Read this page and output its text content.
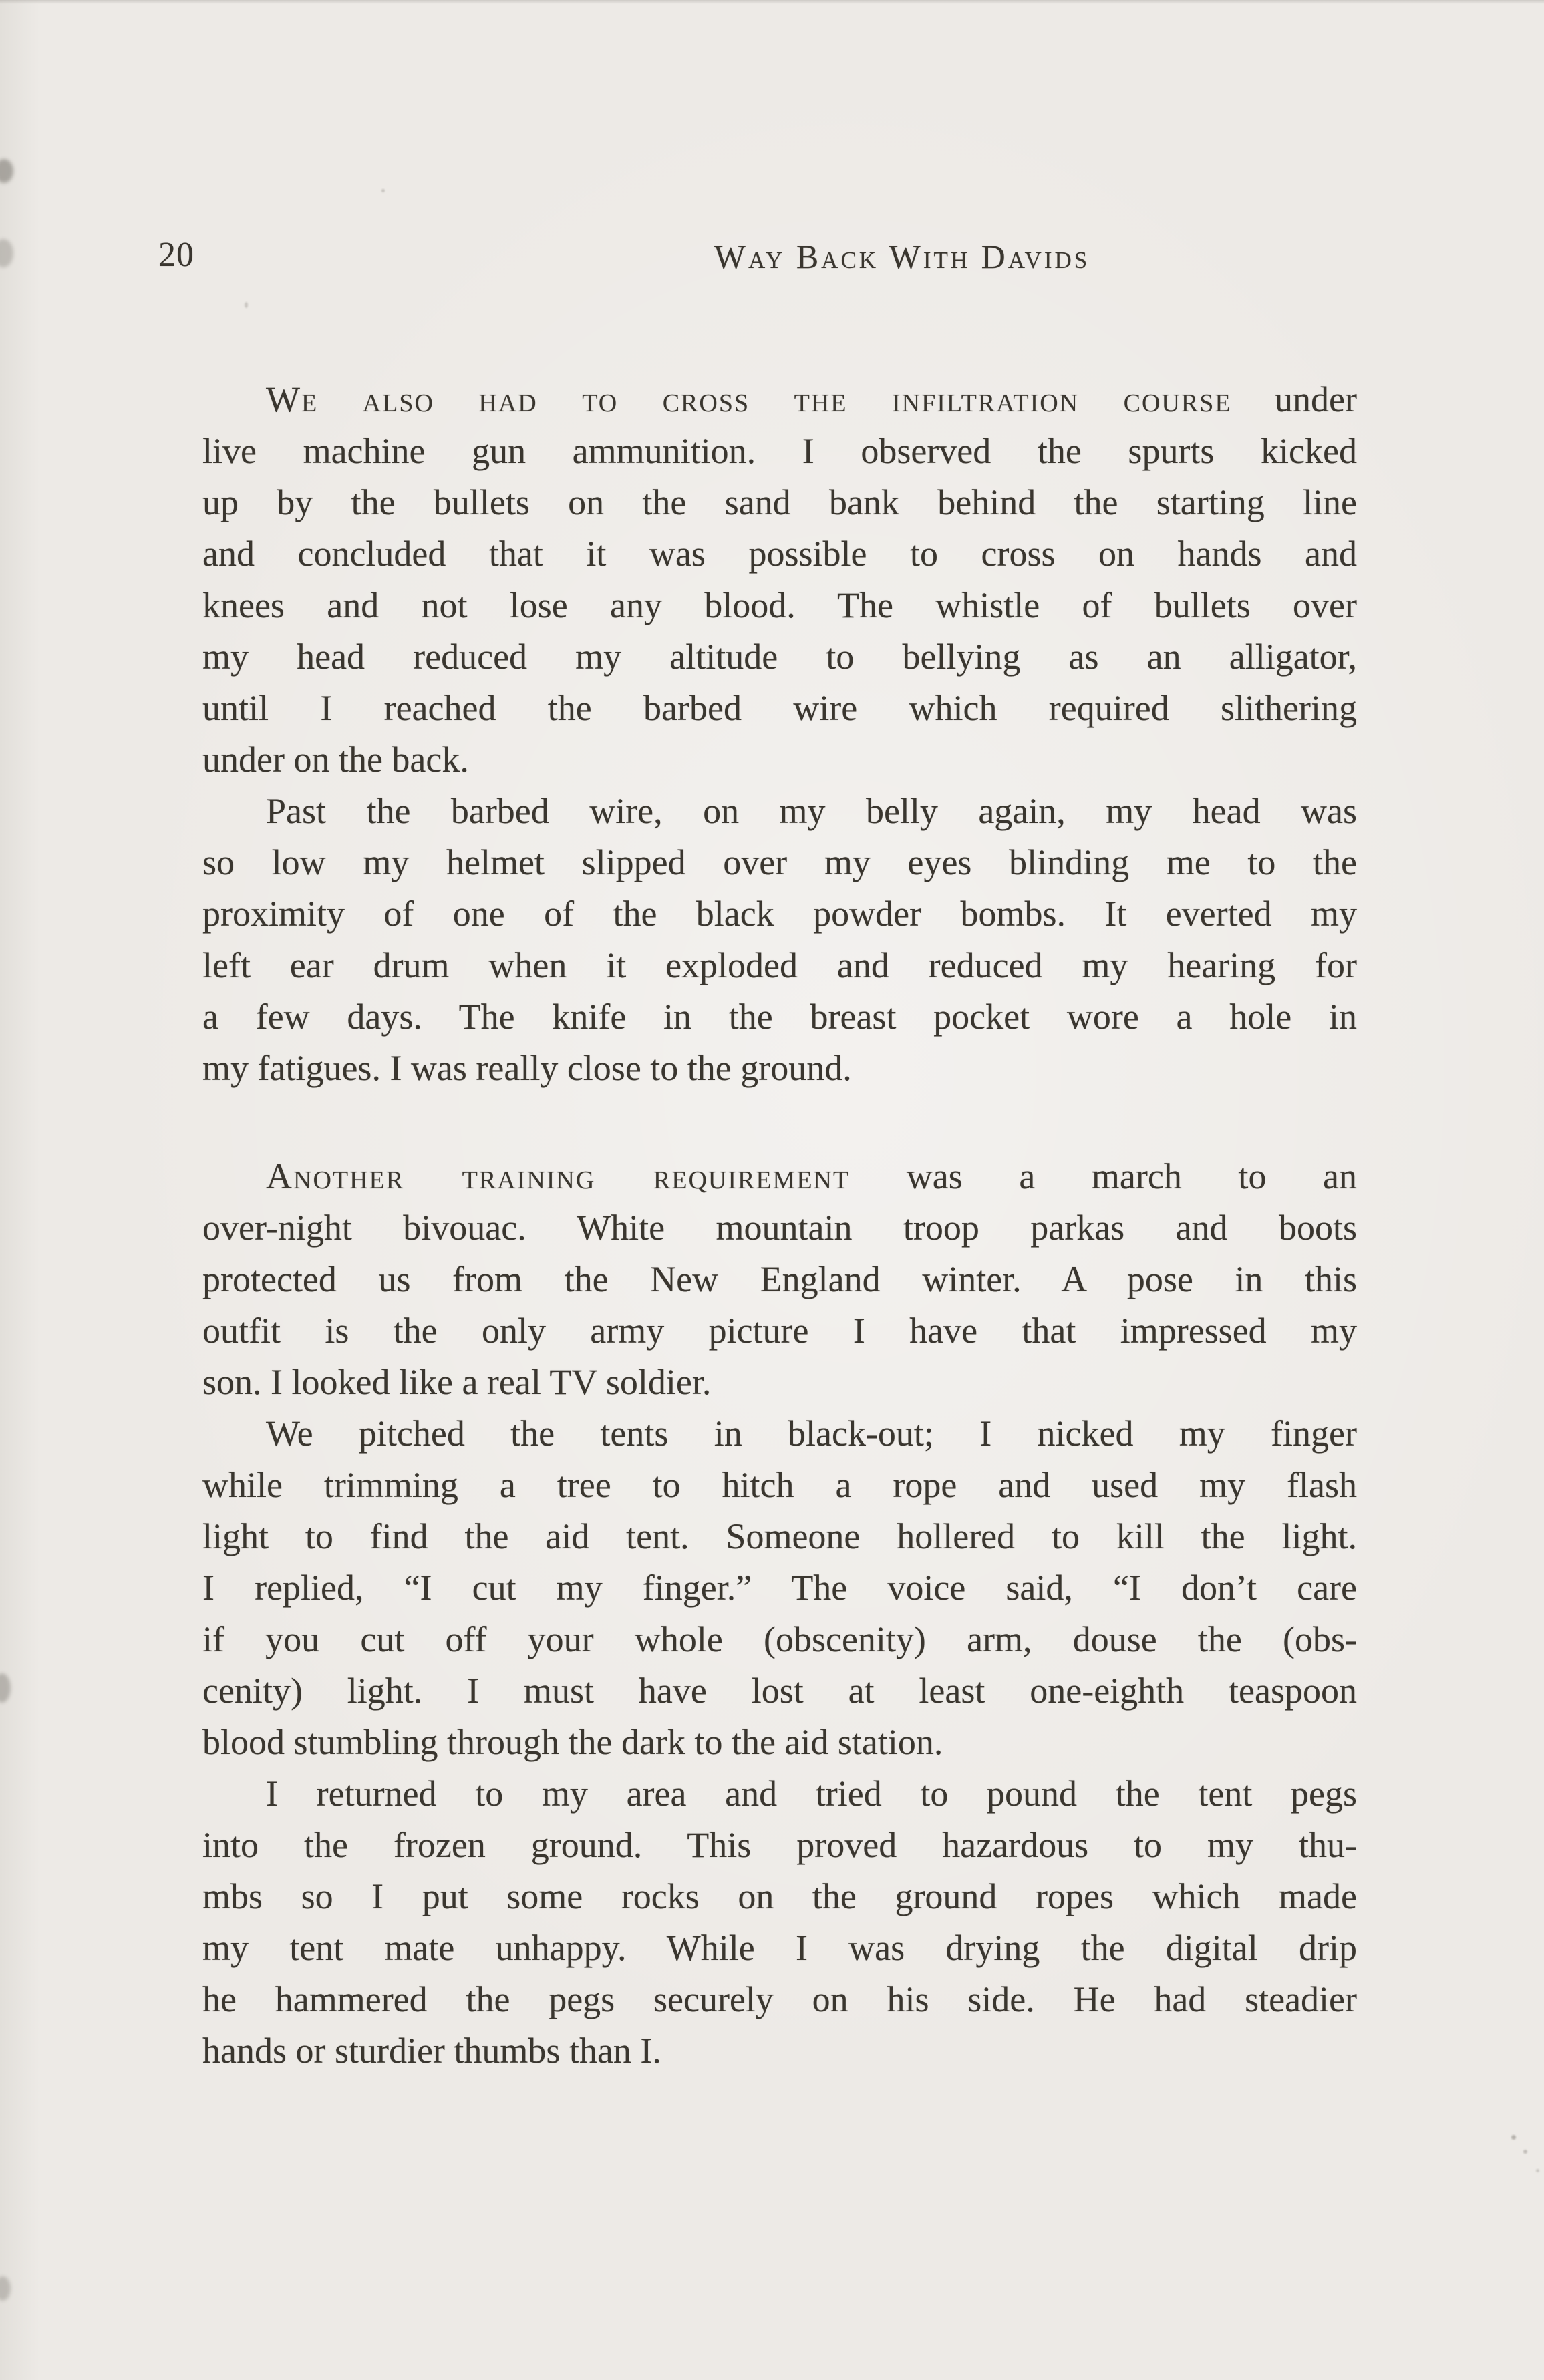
20	Way Back With Davids
We also had to cross the infiltration course under
live machine gun ammunition. I observed the spurts kicked
up by the bullets on the sand bank behind the starting line
and concluded that it was possible to cross on hands and
knees and not lose any blood. The whistle of bullets over
my head reduced my altitude to bellying as an alligator,
until I reached the barbed wire which required slithering
under on the back.
Past the barbed wire, on my belly again, my head was
so low my helmet slipped over my eyes blinding me to the
proximity of one of the black powder bombs. It everted my
left ear drum when it exploded and reduced my hearing for
a few days. The knife in the breast pocket wore a hole in
my fatigues. I was really close to the ground.
Another training requirement was a march to an
over-night bivouac. White mountain troop parkas and boots
protected us from the New England winter. A pose in this
outfit is the only army picture I have that impressed my
son. I looked like a real TV soldier.
We pitched the tents in black-out; I nicked my finger
while trimming a tree to hitch a rope and used my flash
light to find the aid tent. Someone hollered to kill the light.
I replied, “I cut my finger.” The voice said, “I don’t care
if you cut off your whole (obscenity) arm, douse the (obs-
cenity) light. I must have lost at least one-eighth teaspoon
blood stumbling through the dark to the aid station.
I returned to my area and tried to pound the tent pegs
into the frozen ground. This proved hazardous to my thu-
mbs so I put some rocks on the ground ropes which made
my tent mate unhappy. While I was drying the digital drip
he hammered the pegs securely on his side. He had steadier
hands or sturdier thumbs than I.
